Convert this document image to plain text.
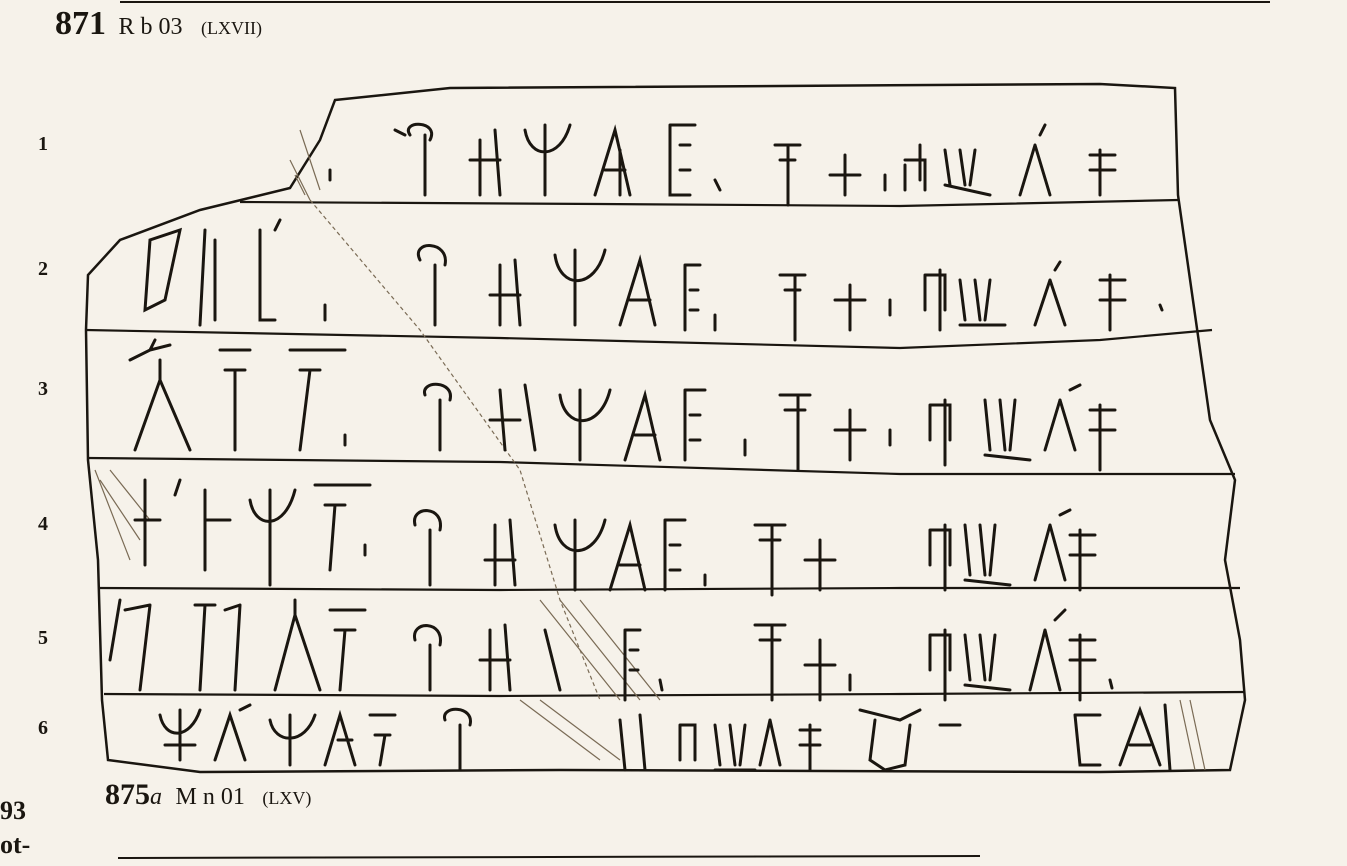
871 R b 03 (LXVII)
1
2
3
4
5
6
875a M n 01 (LXV)
93
ot-
